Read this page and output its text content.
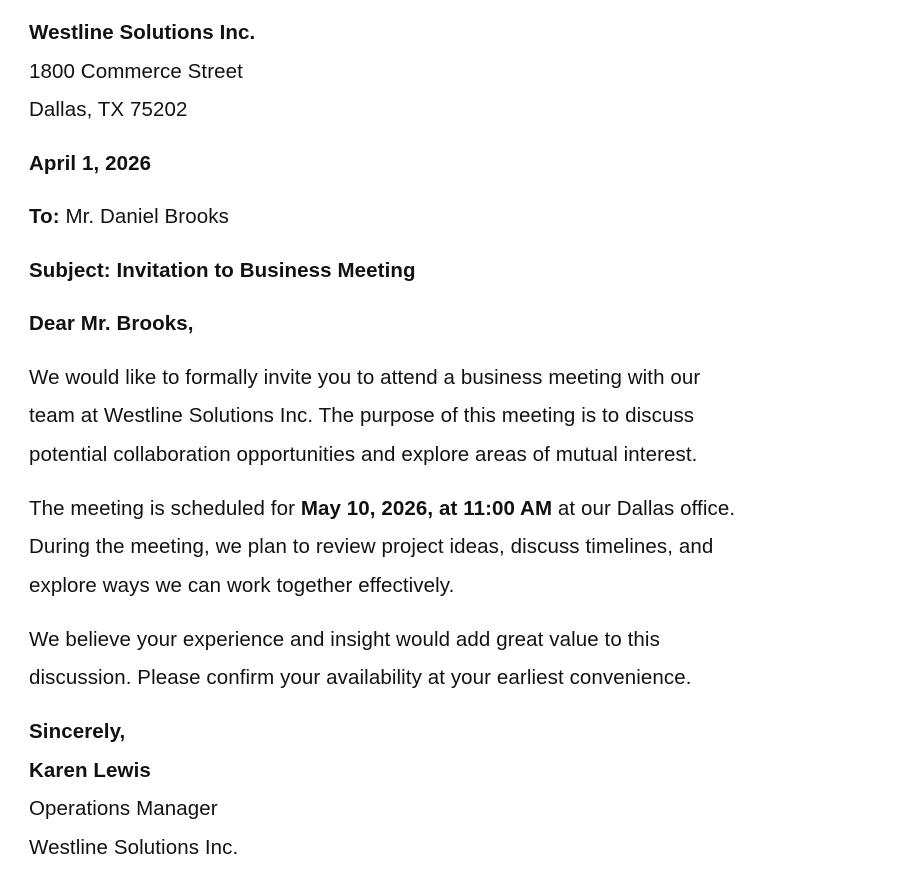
Westline Solutions Inc.
1800 Commerce Street
Dallas, TX 75202
April 1, 2026
To: Mr. Daniel Brooks
Subject: Invitation to Business Meeting
Dear Mr. Brooks,
We would like to formally invite you to attend a business meeting with our
team at Westline Solutions Inc. The purpose of this meeting is to discuss
potential collaboration opportunities and explore areas of mutual interest.
The meeting is scheduled for May 10, 2026, at 11:00 AM at our Dallas office.
During the meeting, we plan to review project ideas, discuss timelines, and
explore ways we can work together effectively.
We believe your experience and insight would add great value to this
discussion. Please confirm your availability at your earliest convenience.
Sincerely,
Karen Lewis
Operations Manager
Westline Solutions Inc.
